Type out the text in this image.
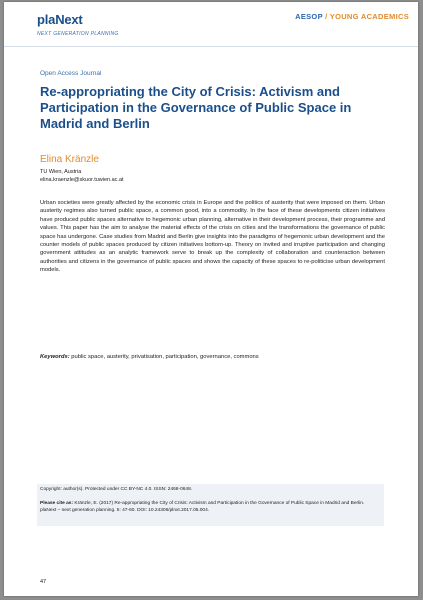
plaNext
NEXT GENERATION PLANNING
AESOP / YOUNG ACADEMICS
Open Access Journal
Re-appropriating the City of Crisis: Activism and Participation in the Governance of Public Space in Madrid and Berlin
Elina Kränzle
TU Wien, Austria
elina.kraenzle@skuor.tuwien.ac.at
Urban societies were greatly affected by the economic crisis in Europe and the politics of austerity that were imposed on them. Urban austerity regimes also turned public space, a common good, into a commodity. In the face of these developments citizen initiatives have produced public spaces alternative to hegemonic urban planning, alternative in their development process, their programme and values. This paper has the aim to analyse the material effects of the crisis on cities and the transformations the governance of public space has undergone. Case studies from Madrid and Berlin give insights into the paradigms of hegemonic urban development and the counter models of public spaces produced by citizen initiatives bottom-up. Theory on invited and irruptive participation and changing government attitudes as an analytic framework serve to break up the complexity of collaboration and counteraction between authorities and citizens in the governance of public spaces and shows the capacity of these spaces to re-politicise urban development models.
Keywords: public space, austerity, privatisation, participation, governance, commons
Copyright: author(s). Protected under CC BY-NC 4.0. ISSN: 2468-0648.
Please cite as: Kränzle, E. (2017) Re-appropriating the City of Crisis: Activism and Participation in the Governance of Public Space in Madrid and Berlin. plaNext – next generation planning. 5: 47-60. DOI: 10.24306/plnxt.2017.05.004.
47
